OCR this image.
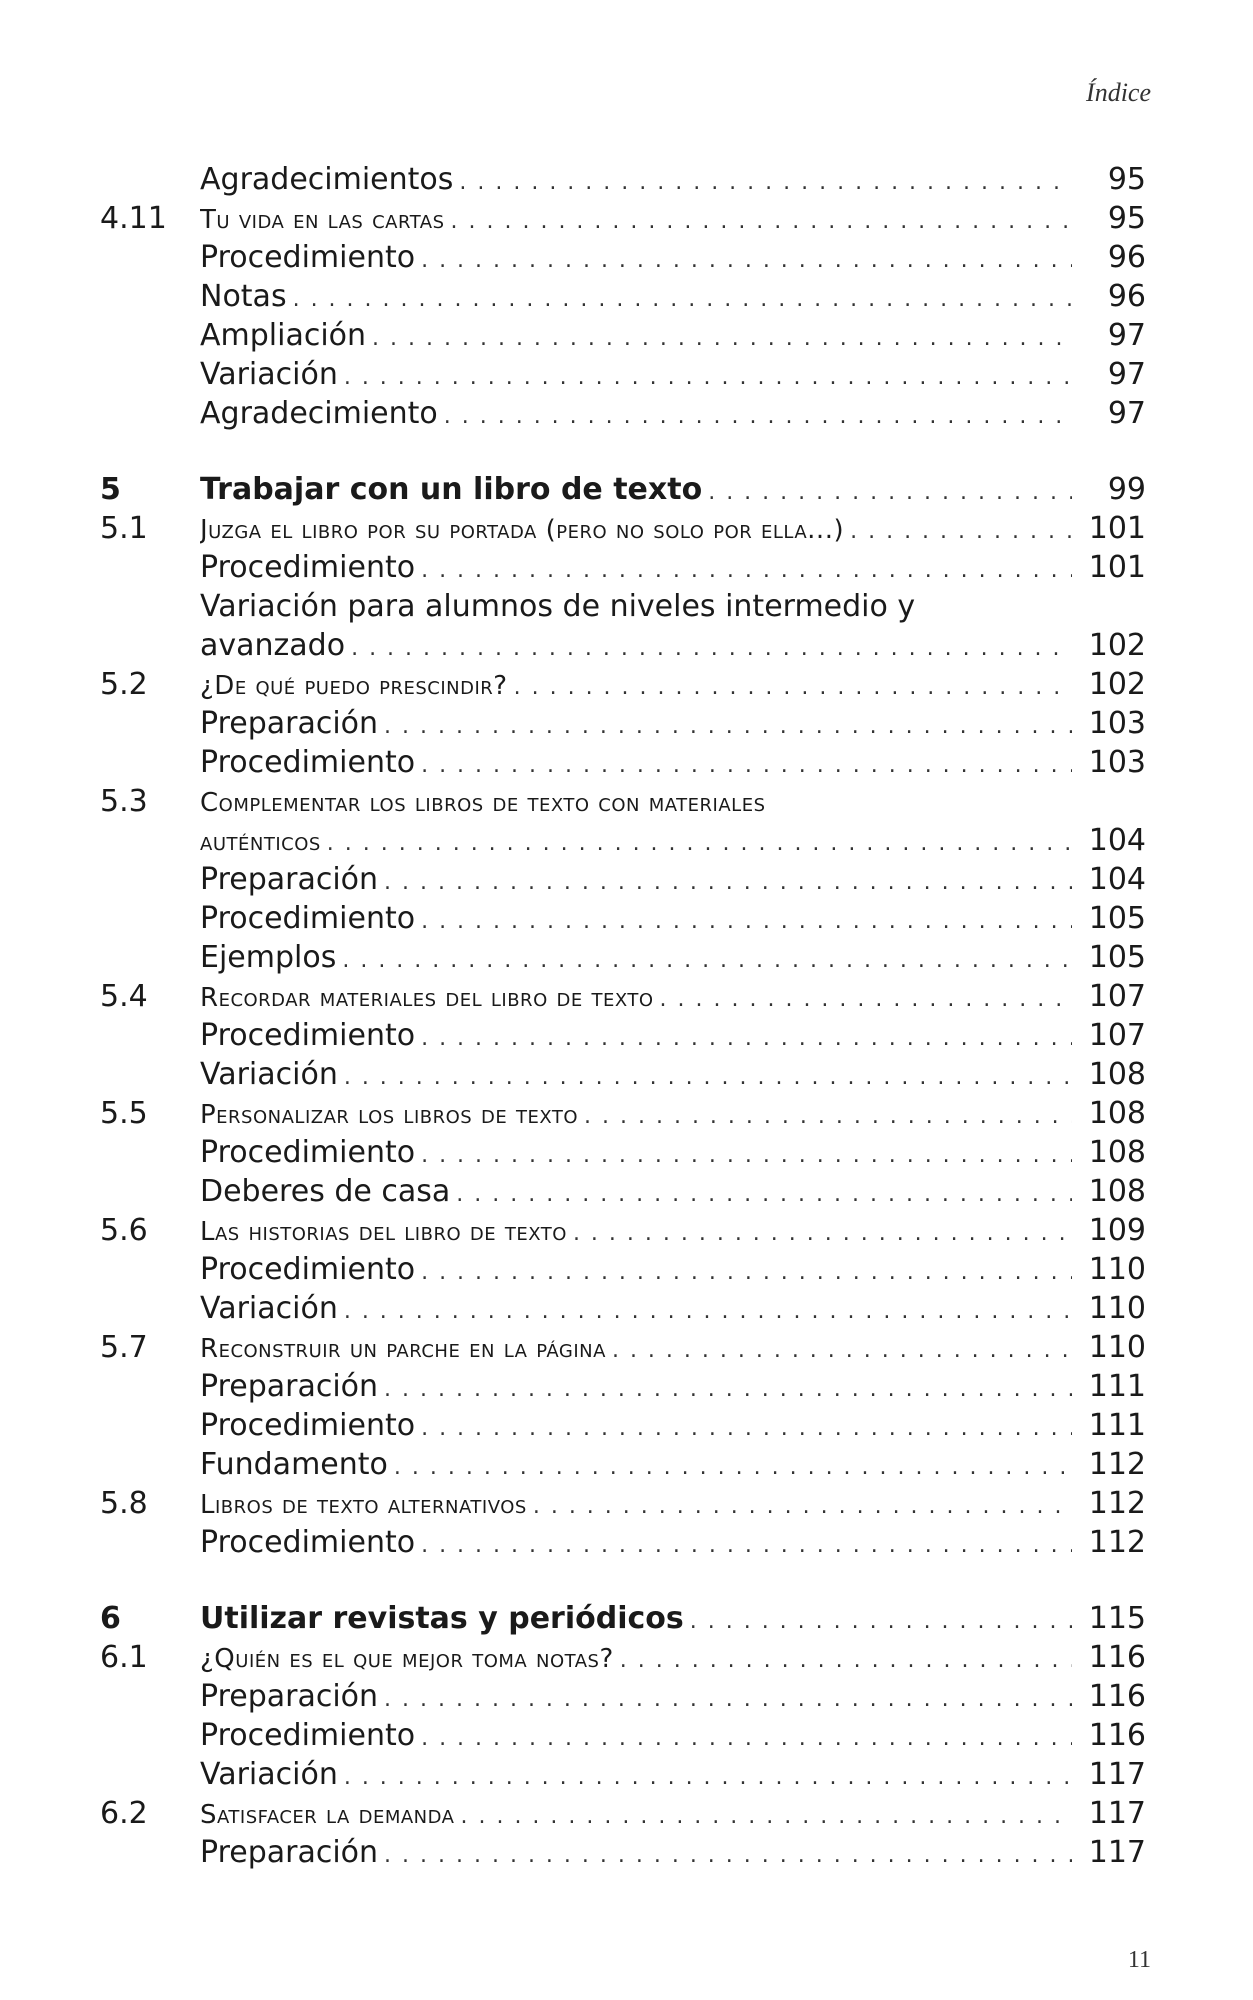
Índice
Agradecimientos . . .	95
4.11	Tu vida en las cartas . . .	95
Procedimiento . . .	96
Notas . . .	96
Ampliación . . .	97
Variación . . .	97
Agradecimiento . . .	97
5	Trabajar con un libro de texto . . .	99
5.1	Juzga el libro por su portada (pero no solo por ella...) . . .	101
Procedimiento . . .	101
Variación para alumnos de niveles intermedio y
avanzado . . .	102
5.2	¿De qué puedo prescindir? . . .	102
Preparación . . .	103
Procedimiento . . .	103
5.3	Complementar los libros de texto con materiales
auténticos . . .	104
Preparación . . .	104
Procedimiento . . .	105
Ejemplos . . .	105
5.4	Recordar materiales del libro de texto . . .	107
Procedimiento . . .	107
Variación . . .	108
5.5	Personalizar los libros de texto . . .	108
Procedimiento . . .	108
Deberes de casa . . .	108
5.6	Las historias del libro de texto . . .	109
Procedimiento . . .	110
Variación . . .	110
5.7	Reconstruir un parche en la página . . .	110
Preparación . . .	111
Procedimiento . . .	111
Fundamento . . .	112
5.8	Libros de texto alternativos . . .	112
Procedimiento . . .	112
6	Utilizar revistas y periódicos . . .	115
6.1	¿Quién es el que mejor toma notas? . . .	116
Preparación . . .	116
Procedimiento . . .	116
Variación . . .	117
6.2	Satisfacer la demanda . . .	117
Preparación . . .	117
11
